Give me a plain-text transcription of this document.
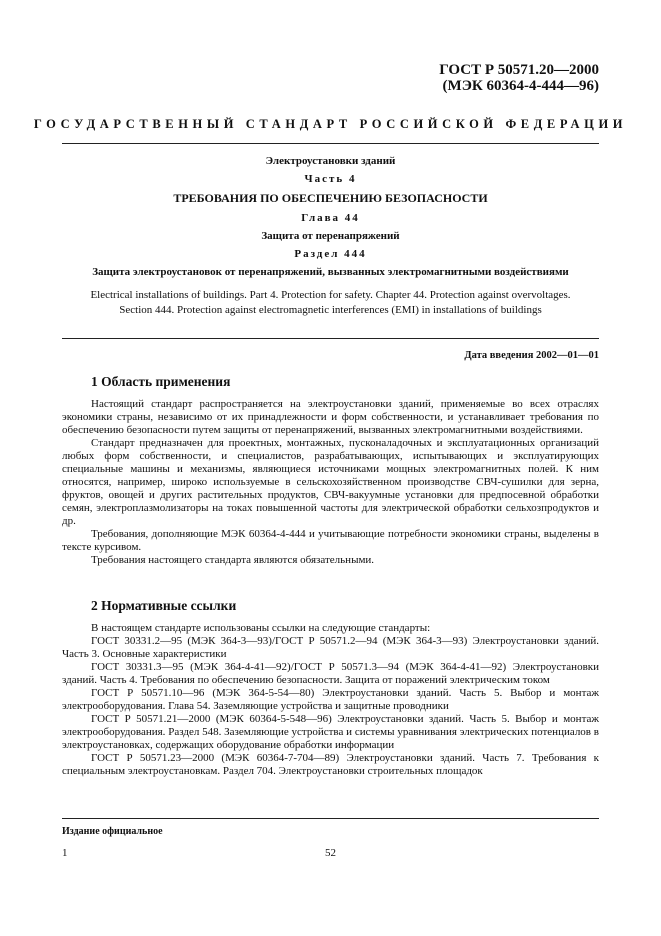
ГОСТ Р 50571.20—2000
(МЭК 60364-4-444—96)
ГОСУДАРСТВЕННЫЙ СТАНДАРТ РОССИЙСКОЙ ФЕДЕРАЦИИ
Электроустановки зданий
Часть 4
ТРЕБОВАНИЯ ПО ОБЕСПЕЧЕНИЮ БЕЗОПАСНОСТИ
Глава 44
Защита от перенапряжений
Раздел 444
Защита электроустановок от перенапряжений, вызванных электромагнитными воздействиями
Electrical installations of buildings. Part 4. Protection for safety. Chapter 44. Protection against overvoltages.
Section 444. Protection against electromagnetic interferences (EMI) in installations of buildings
Дата введения 2002—01—01
1 Область применения

Настоящий стандарт распространяется на электроустановки зданий, применяемые во всех отраслях экономики страны, независимо от их принадлежности и форм собственности, и устанавливает требования по обеспечению безопасности путем защиты от перенапряжений, вызванных электромагнитными воздействиями.

Стандарт предназначен для проектных, монтажных, пусконаладочных и эксплуатационных организаций любых форм собственности, и специалистов, разрабатывающих, испытывающих и эксплуатирующих специальные машины и механизмы, являющиеся источниками мощных электромагнитных полей. К ним относятся, например, широко используемые в сельскохозяйственном производстве СВЧ-сушилки для зерна, фруктов, овощей и других растительных продуктов, СВЧ-вакуумные установки для предпосевной обработки семян, электроплазмолизаторы на токах повышенной частоты для электрической обработки сельхозпродуктов и др.

Требования, дополняющие МЭК 60364-4-444 и учитывающие потребности экономики страны, выделены в тексте курсивом.

Требования настоящего стандарта являются обязательными.

2 Нормативные ссылки

В настоящем стандарте использованы ссылки на следующие стандарты:

ГОСТ 30331.2—95 (МЭК 364-3—93)/ГОСТ Р 50571.2—94 (МЭК 364-3—93) Электроустановки зданий. Часть 3. Основные характеристики

ГОСТ 30331.3—95 (МЭК 364-4-41—92)/ГОСТ Р 50571.3—94 (МЭК 364-4-41—92) Электроустановки зданий. Часть 4. Требования по обеспечению безопасности. Защита от поражений электрическим током

ГОСТ Р 50571.10—96 (МЭК 364-5-54—80) Электроустановки зданий. Часть 5. Выбор и монтаж электрооборудования. Глава 54. Заземляющие устройства и защитные проводники

ГОСТ Р 50571.21—2000 (МЭК 60364-5-548—96) Электроустановки зданий. Часть 5. Выбор и монтаж электрооборудования. Раздел 548. Заземляющие устройства и системы уравнивания электрических потенциалов в электроустановках, содержащих оборудование обработки информации

ГОСТ Р 50571.23—2000 (МЭК 60364-7-704—89) Электроустановки зданий. Часть 7. Требования к специальным электроустановкам. Раздел 704. Электроустановки строительных площадок

Издание официальное
1	52
